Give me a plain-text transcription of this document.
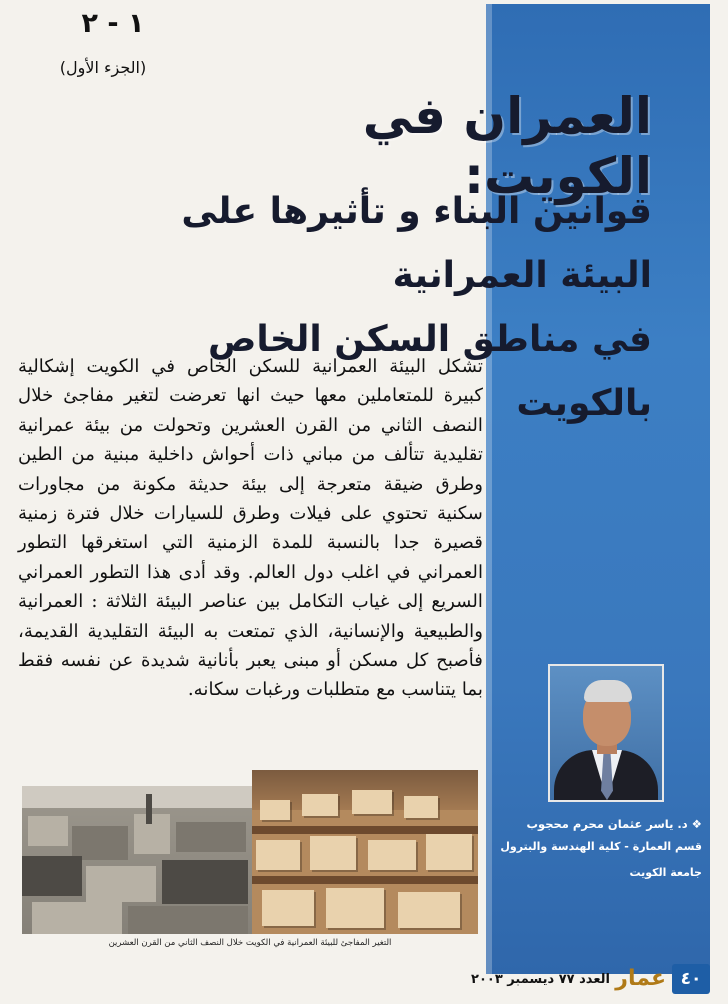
١ - ٢
(الجزء الأول)
العمران في الكويت:
قوانين البناء و تأثيرها على البيئة العمرانية
في مناطق السكن الخاص بالكويت
تشكل البيئة العمرانية للسكن الخاص في الكويت إشكالية كبيرة للمتعاملين معها حيث انها تعرضت لتغير مفاجئ خلال النصف الثاني من القرن العشرين وتحولت من بيئة عمرانية تقليدية تتألف من مباني ذات أحواش داخلية مبنية من الطين وطرق ضيقة متعرجة إلى بيئة حديثة مكونة من مجاورات سكنية تحتوي على فيلات وطرق للسيارات خلال فترة زمنية قصيرة جدا بالنسبة للمدة الزمنية التي استغرقها التطور العمراني في اغلب دول العالم. وقد أدى هذا التطور العمراني السريع إلى غياب التكامل بين عناصر البيئة الثلاثة : العمرانية والطبيعية والإنسانية، الذي تمتعت به البيئة التقليدية القديمة، فأصبح كل مسكن أو مبنى يعبر بأنانية شديدة عن نفسه فقط بما يتناسب مع متطلبات ورغبات سكانه.
❖ د. ياسر عثمان محرم محجوب
قسم العمارة - كلية الهندسة والبترول
جامعة الكويت
التغير المفاجئ للبيئة العمرانية في الكويت خلال النصف الثاني من القرن العشرين
٤٠
عمار
العدد ٧٧ ديسمبر ٢٠٠٣
